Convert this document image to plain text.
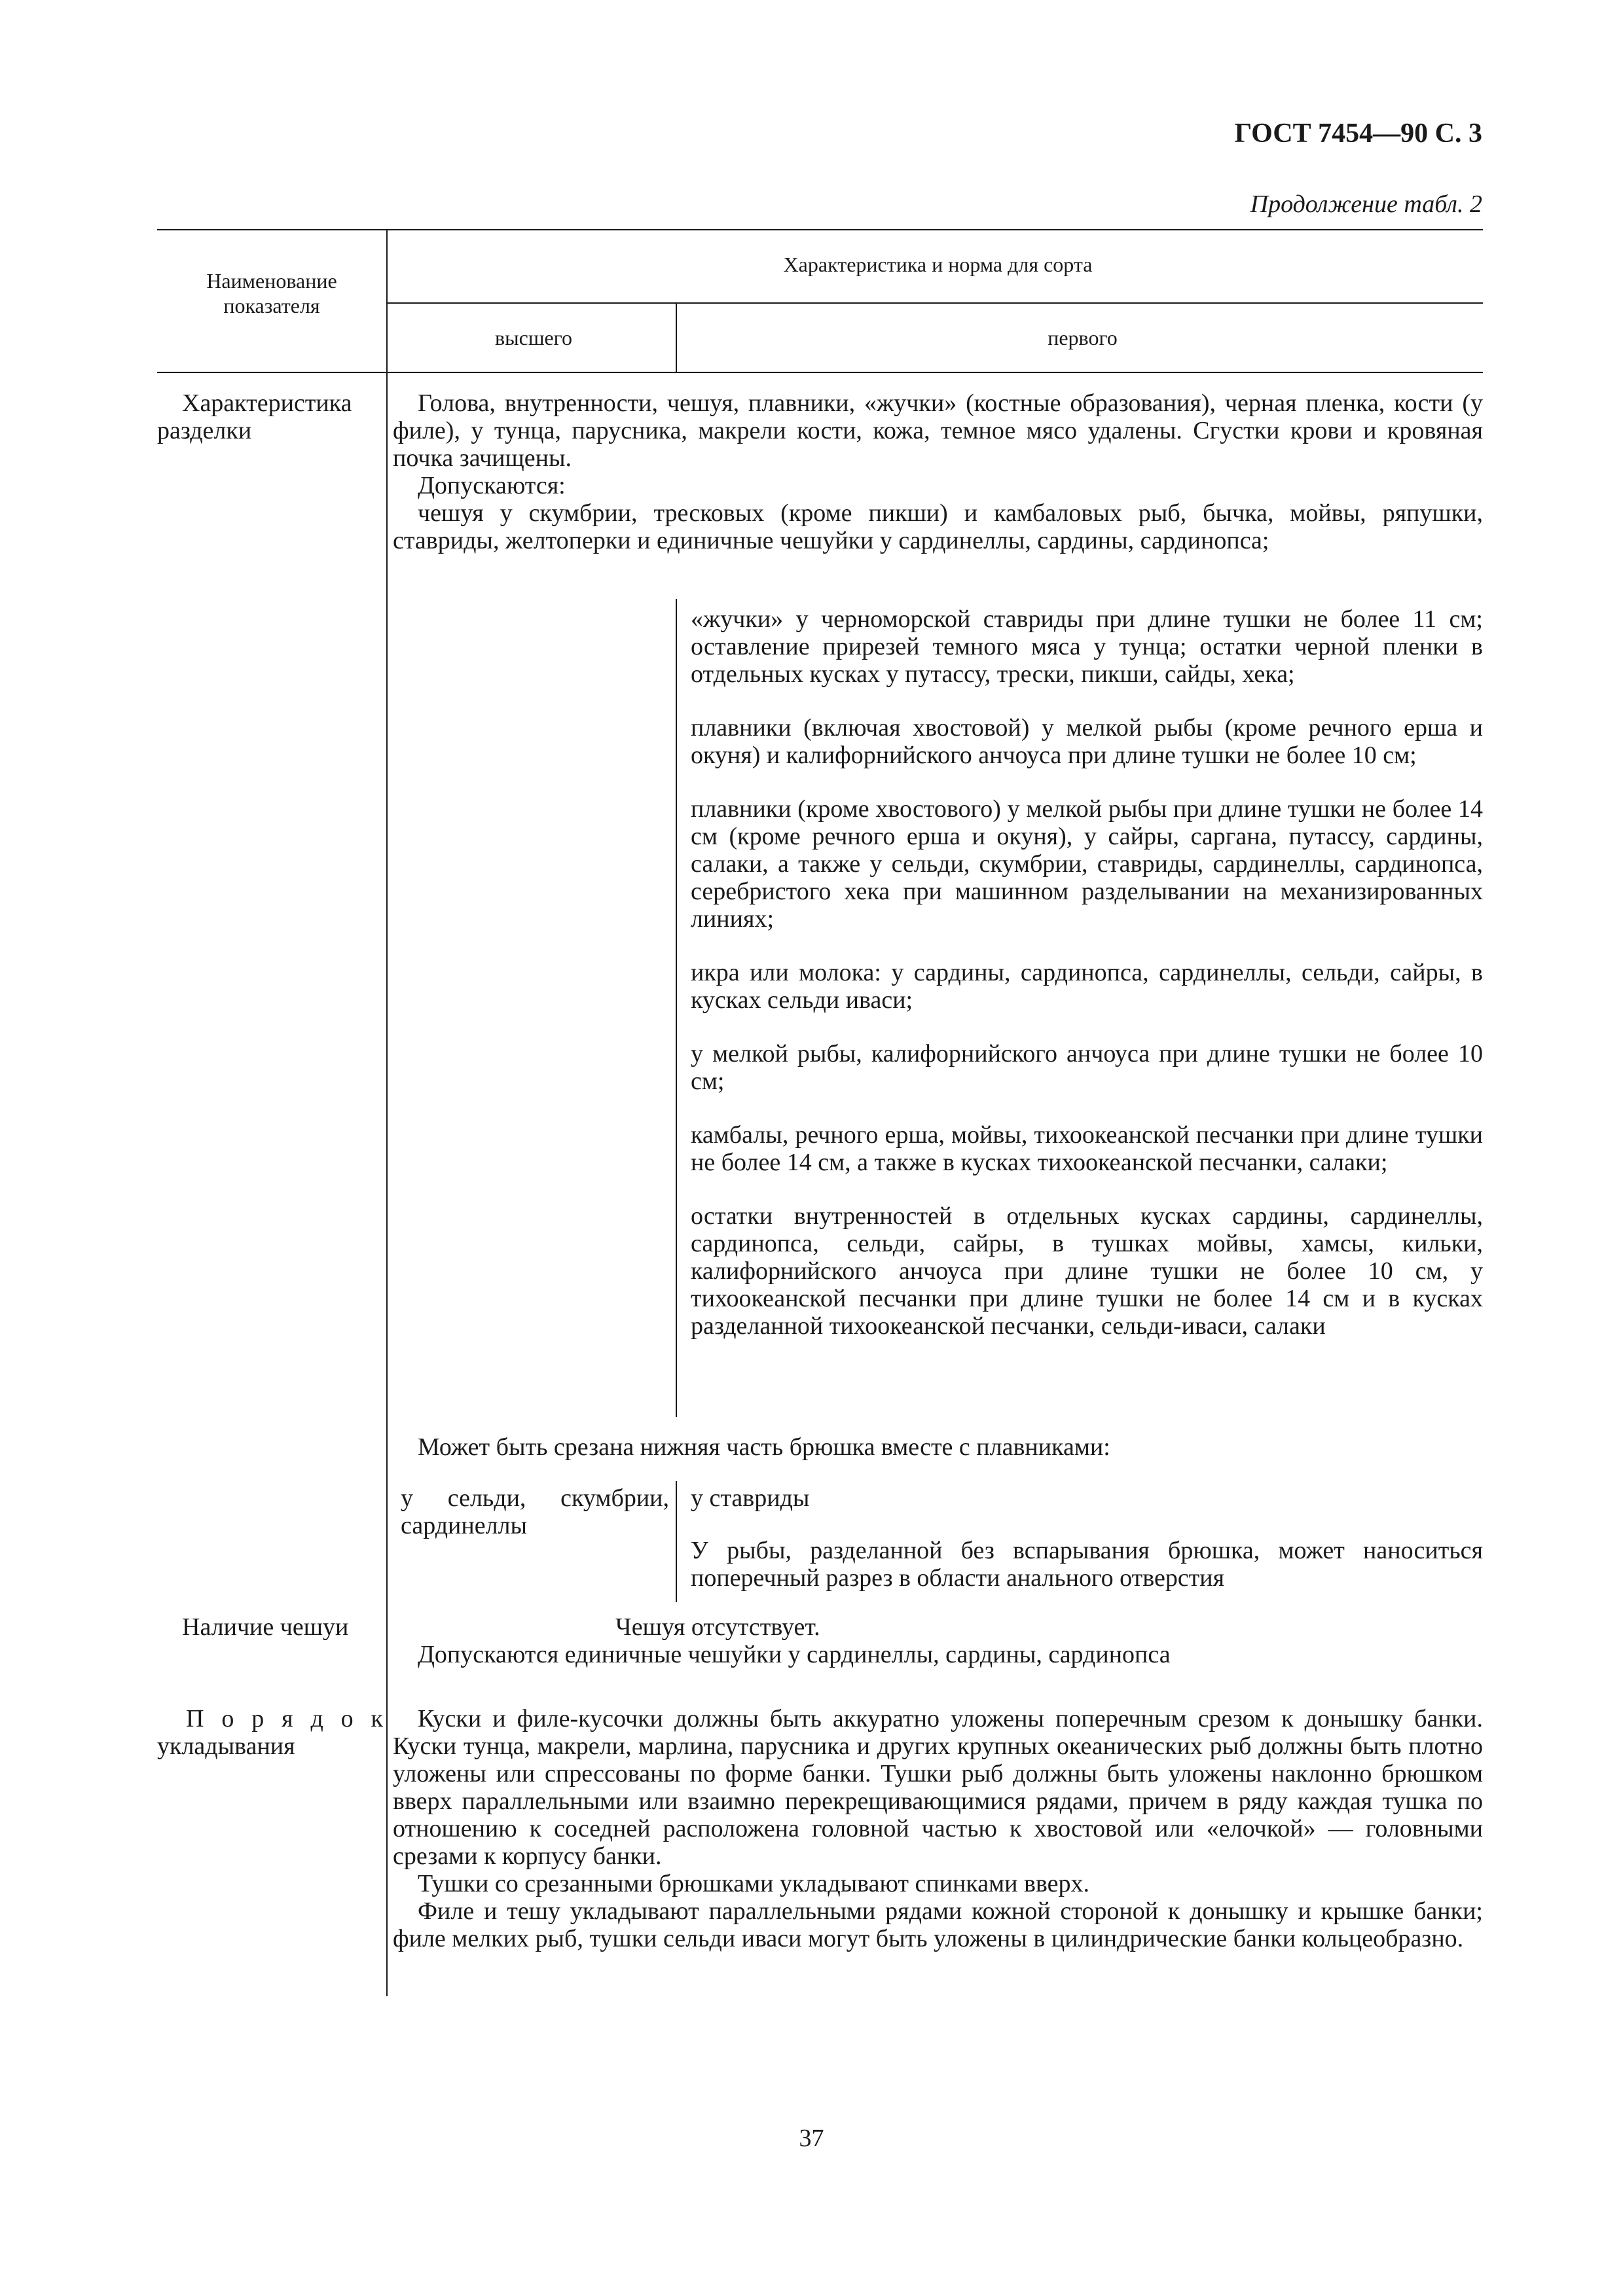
ГОСТ 7454—90 С. 3
Продолжение табл. 2
Наименование показателя
Характеристика и норма для сорта
высшего	первого
Характеристика разделки

Голова, внутренности, чешуя, плавники, «жучки» (костные образования), черная пленка, кости (у филе), у тунца, парусника, макрели кости, кожа, темное мясо удалены. Сгустки крови и кровяная почка зачищены.

Допускаются:

чешуя у скумбрии, тресковых (кроме пикши) и камбаловых рыб, бычка, мойвы, ряпушки, ставриды, желтоперки и единичные чешуйки у сардинеллы, сардины, сардинопса;

«жучки» у черноморской ставриды при длине тушки не более 11 см; оставление прирезей темного мяса у тунца; остатки черной пленки в отдельных кусках у путассу, трески, пикши, сайды, хека;

плавники (включая хвостовой) у мелкой рыбы (кроме речного ерша и окуня) и калифорнийского анчоуса при длине тушки не более 10 см;

плавники (кроме хвостового) у мелкой рыбы при длине тушки не более 14 см (кроме речного ерша и окуня), у сайры, саргана, путассу, сардины, салаки, а также у сельди, скумбрии, ставриды, сардинеллы, сардинопса, серебристого хека при машинном разделывании на механизированных линиях;

икра или молока: у сардины, сардинопса, сардинеллы, сельди, сайры, в кусках сельди иваси;

у мелкой рыбы, калифорнийского анчоуса при длине тушки не более 10 см;

камбалы, речного ерша, мойвы, тихоокеанской песчанки при длине тушки не более 14 см, а также в кусках тихоокеанской песчанки, салаки;

остатки внутренностей в отдельных кусках сардины, сардинеллы, сардинопса, сельди, сайры, в тушках мойвы, хамсы, кильки, калифорнийского анчоуса при длине тушки не более 10 см, у тихоокеанской песчанки при длине тушки не более 14 см и в кусках разделанной тихоокеанской песчанки, сельди-иваси, салаки

Может быть срезана нижняя часть брюшка вместе с плавниками:
у сельди, скумбрии, сардинеллы

у ставриды

У рыбы, разделанной без вспарывания брюшка, может наноситься поперечный разрез в области анального отверстия

Наличие чешуи	Чешуя отсутствует.

Допускаются единичные чешуйки у сардинеллы, сардины, сардинопса

П о р я д о к
укладывания

Куски и филе-кусочки должны быть аккуратно уложены поперечным срезом к донышку банки. Куски тунца, макрели, марлина, парусника и других крупных океанических рыб должны быть плотно уложены или спрессованы по форме банки. Тушки рыб должны быть уложены наклонно брюшком вверх параллельными или взаимно перекрещивающимися рядами, причем в ряду каждая тушка по отношению к соседней расположена головной частью к хвостовой или «елочкой» — головными срезами к корпусу банки.

Тушки со срезанными брюшками укладывают спинками вверх.

Филе и тешу укладывают параллельными рядами кожной стороной к донышку и крышке банки; филе мелких рыб, тушки сельди иваси могут быть уложены в цилиндрические банки кольцеобразно.

37
